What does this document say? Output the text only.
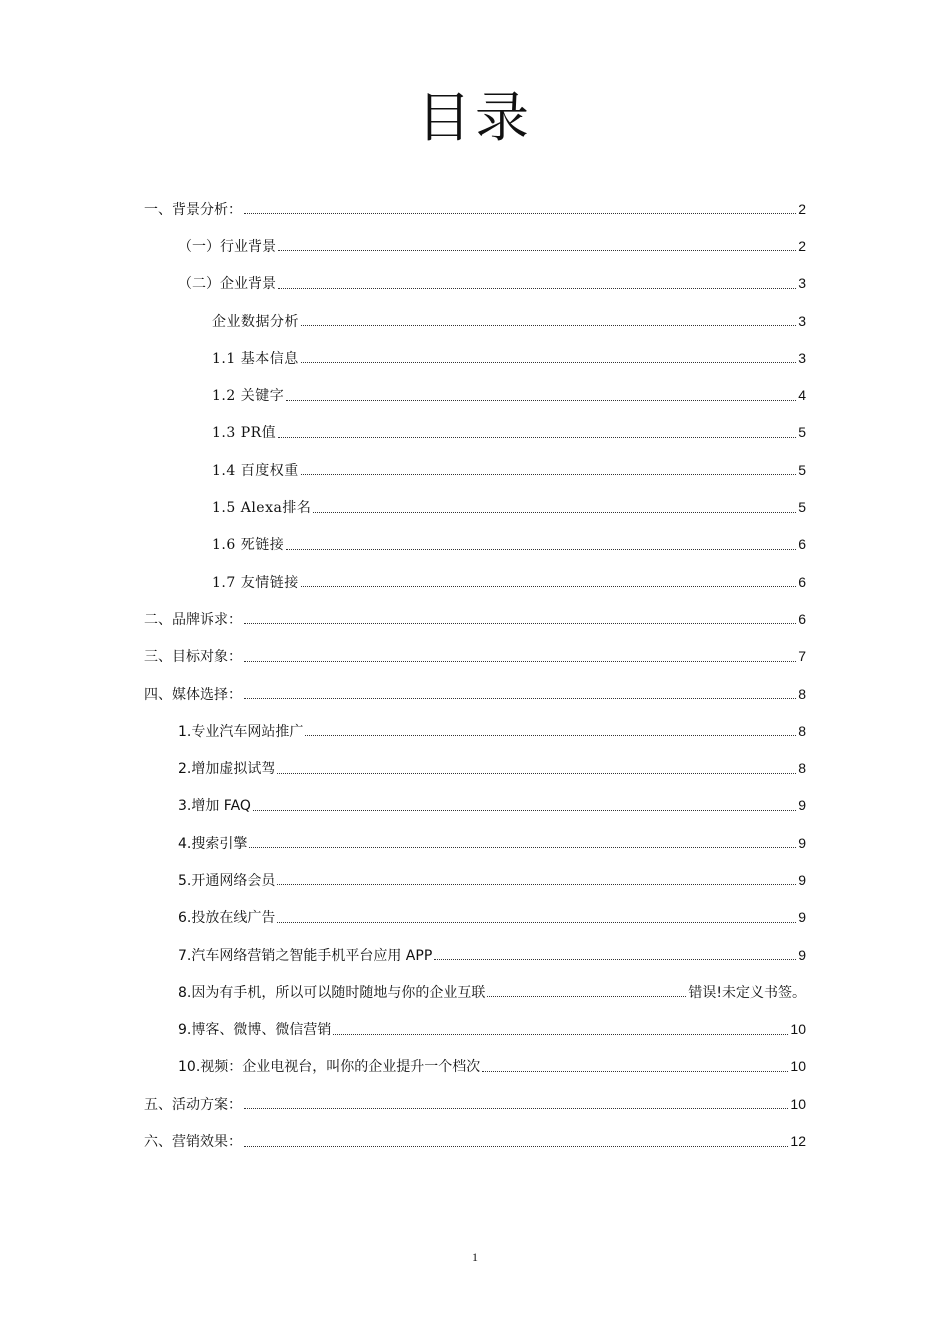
目录
一、背景分析：	2
（一）行业背景	2
（二）企业背景	3
企业数据分析	3
1.1 基本信息	3
1.2 关键字	4
1.3 PR值	5
1.4 百度权重	5
1.5 Alexa排名	5
1.6 死链接	6
1.7 友情链接	6
二、品牌诉求：	6
三、目标对象：	7
四、媒体选择：	8
1.专业汽车网站推广	8
2.增加虚拟试驾	8
3.增加 FAQ	9
4.搜索引擎	9
5.开通网络会员	9
6.投放在线广告	9
7.汽车网络营销之智能手机平台应用 APP	9
8.因为有手机，所以可以随时随地与你的企业互联	错误!未定义书签。
9.博客、微博、微信营销	10
10.视频：企业电视台，叫你的企业提升一个档次	10
五、活动方案：	10
六、营销效果：	12
1
